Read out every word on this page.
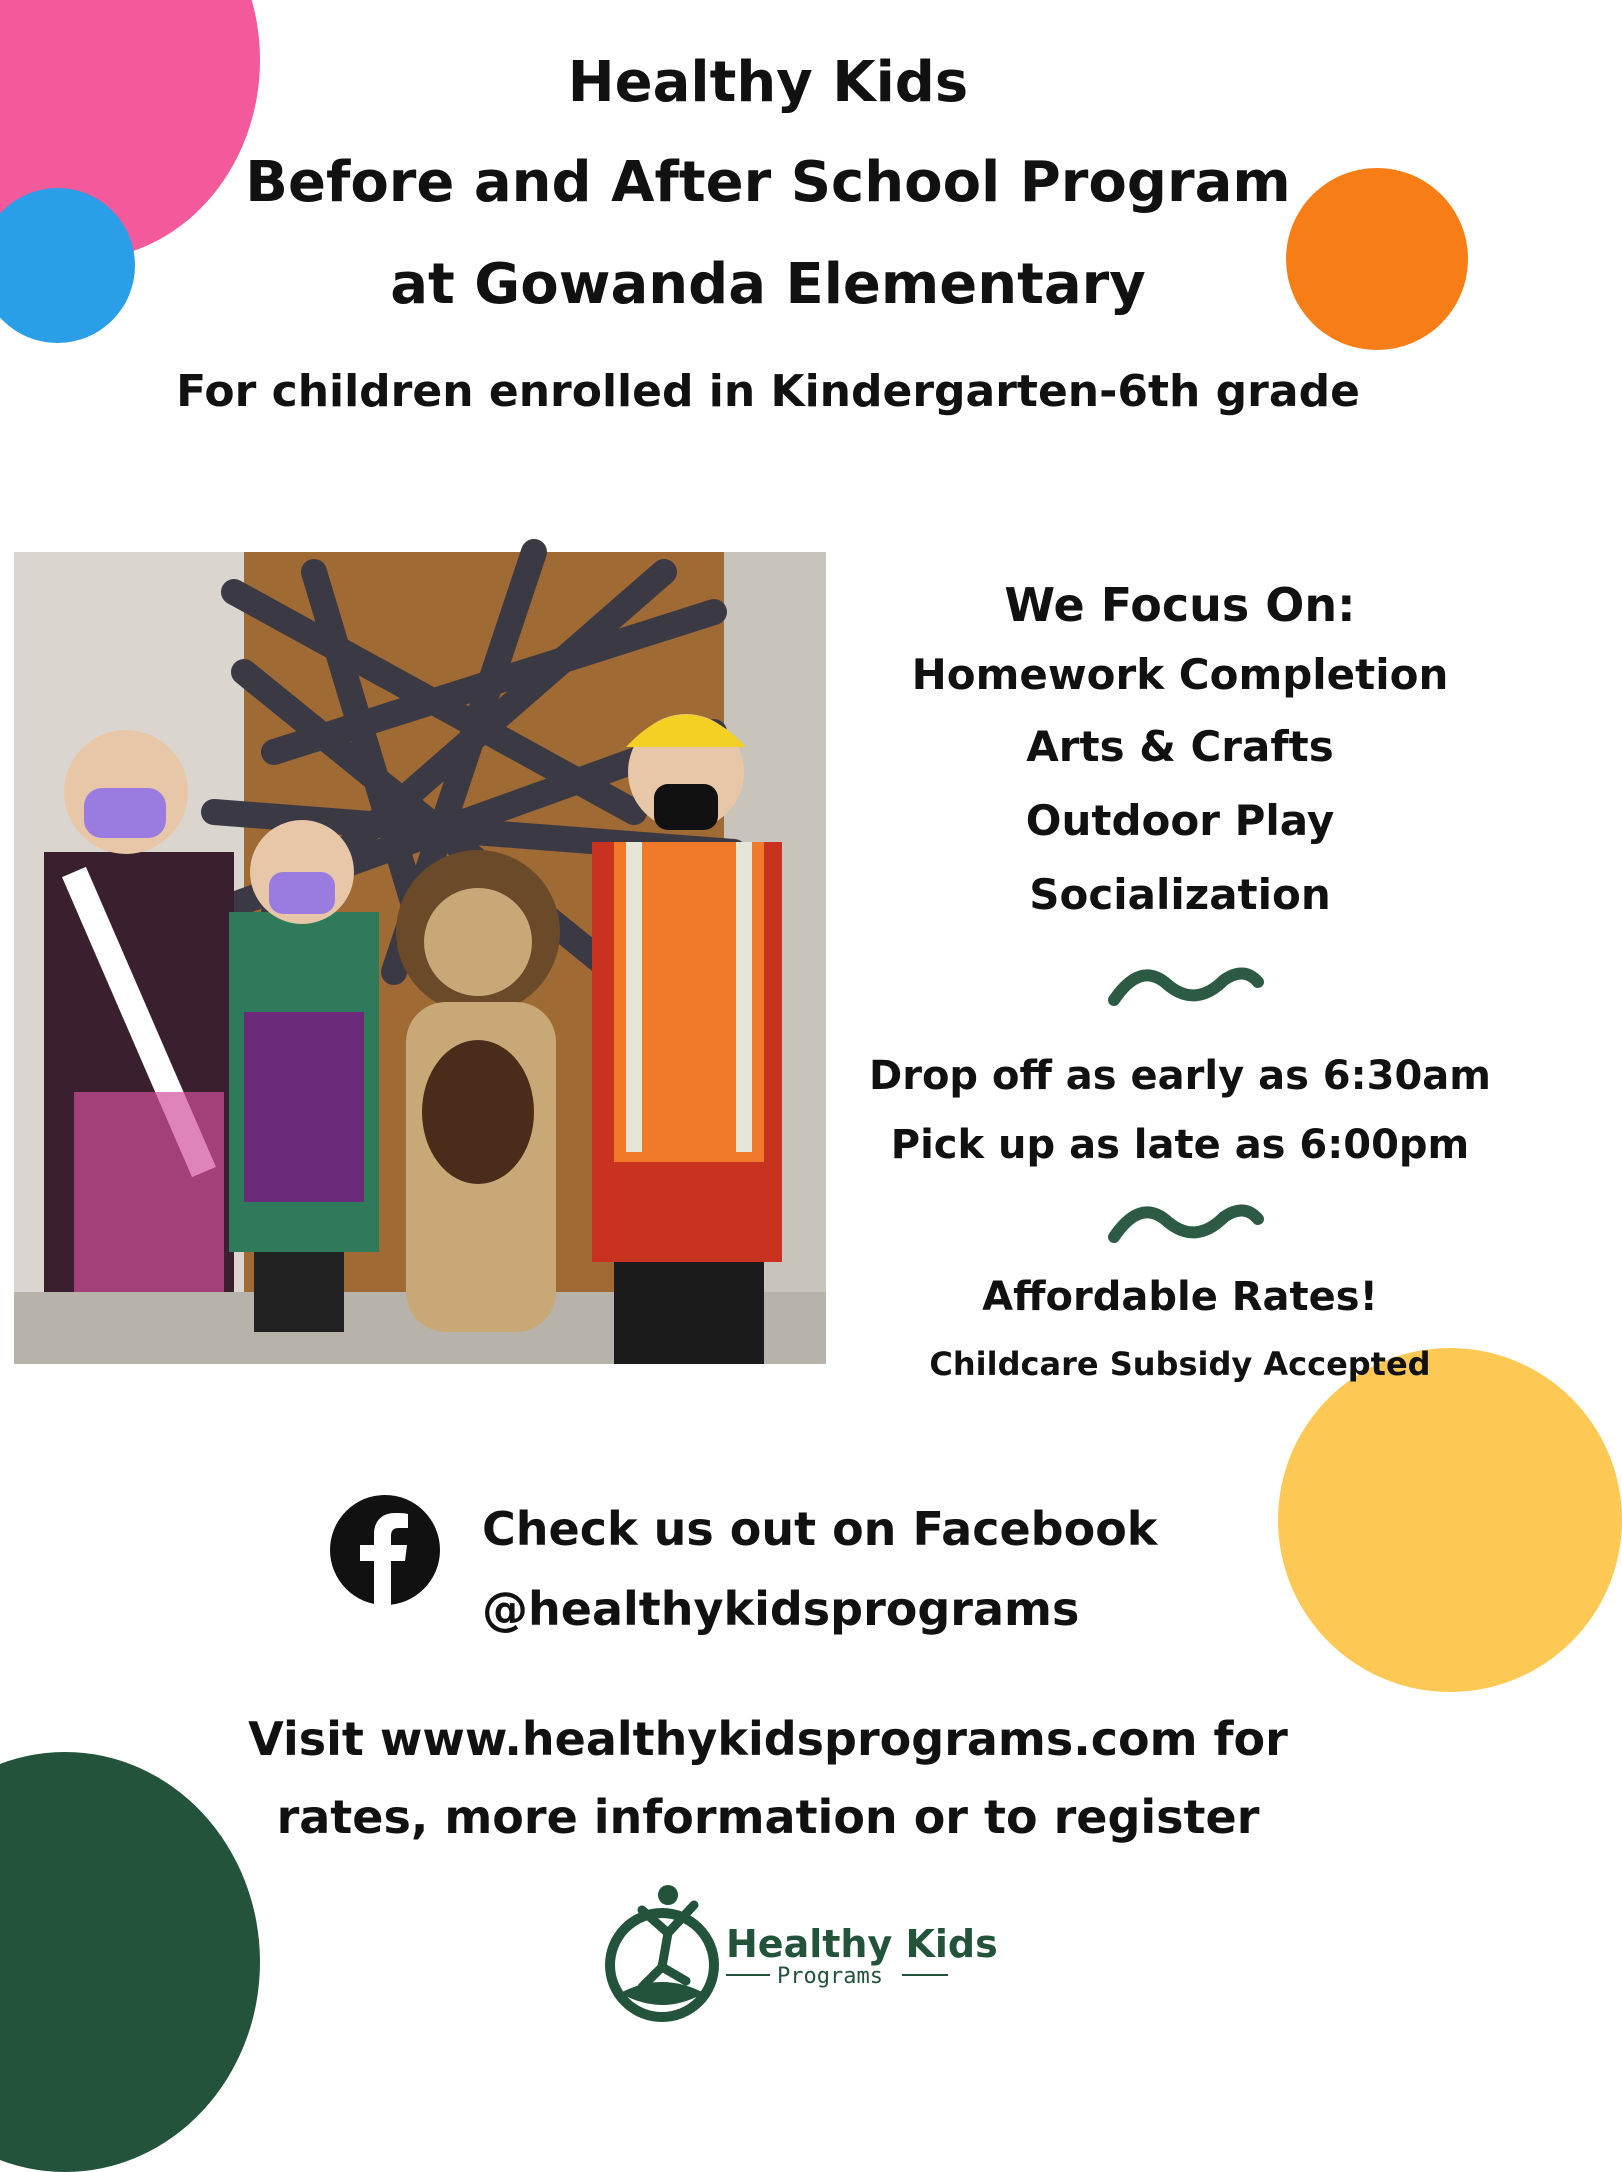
Healthy Kids
Before and After School Program
at Gowanda Elementary
For children enrolled in Kindergarten-6th grade
We Focus On:
Homework Completion
Arts & Crafts
Outdoor Play
Socialization
Drop off as early as 6:30am
Pick up as late as 6:00pm
Affordable Rates!
Childcare Subsidy Accepted
Check us out on Facebook
@healthykidsprograms
Visit www.healthykidsprograms.com for
rates, more information or to register
Healthy Kids
Programs
